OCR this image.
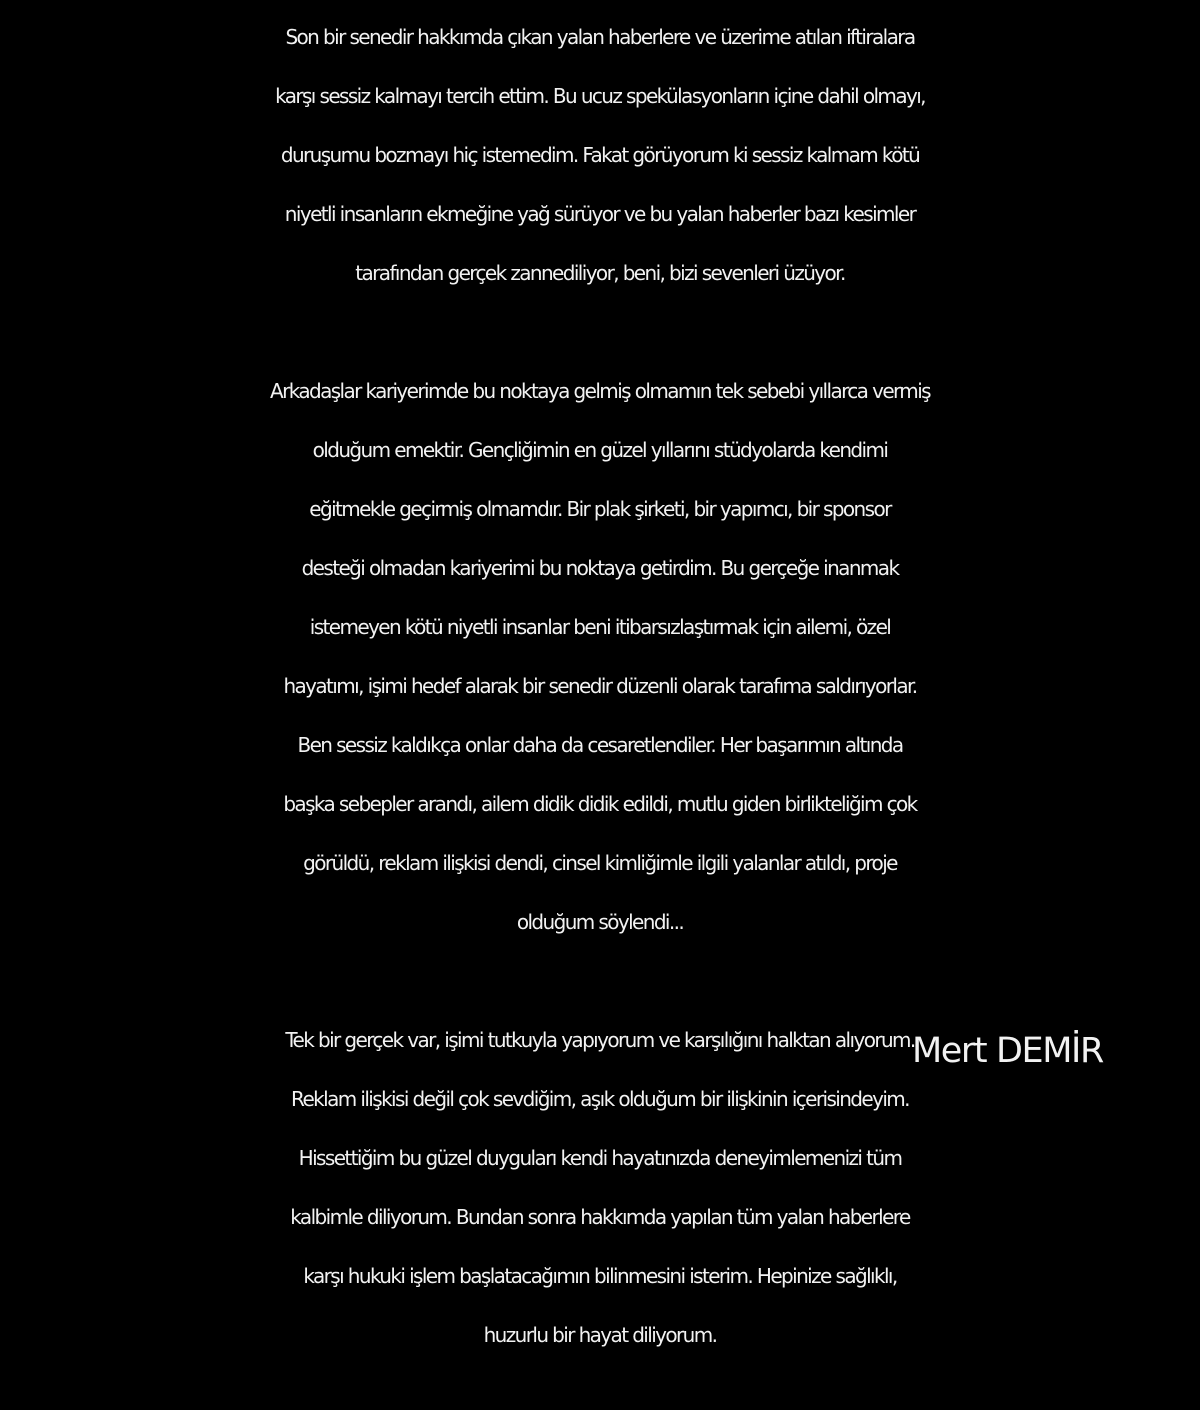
Son bir senedir hakkımda çıkan yalan haberlere ve üzerime atılan iftiralara
karşı sessiz kalmayı tercih ettim. Bu ucuz spekülasyonların içine dahil olmayı,
duruşumu bozmayı hiç istemedim. Fakat görüyorum ki sessiz kalmam kötü
niyetli insanların ekmeğine yağ sürüyor ve bu yalan haberler bazı kesimler
tarafından gerçek zannediliyor, beni, bizi sevenleri üzüyor.
Arkadaşlar kariyerimde bu noktaya gelmiş olmamın tek sebebi yıllarca vermiş
olduğum emektir. Gençliğimin en güzel yıllarını stüdyolarda kendimi
eğitmekle geçirmiş olmamdır. Bir plak şirketi, bir yapımcı, bir sponsor
desteği olmadan kariyerimi bu noktaya getirdim. Bu gerçeğe inanmak
istemeyen kötü niyetli insanlar beni itibarsızlaştırmak için ailemi, özel
hayatımı, işimi hedef alarak bir senedir düzenli olarak tarafıma saldırıyorlar.
Ben sessiz kaldıkça onlar daha da cesaretlendiler. Her başarımın altında
başka sebepler arandı, ailem didik didik edildi, mutlu giden birlikteliğim çok
görüldü, reklam ilişkisi dendi, cinsel kimliğimle ilgili yalanlar atıldı, proje
olduğum söylendi...
Tek bir gerçek var, işimi tutkuyla yapıyorum ve karşılığını halktan alıyorum.
Reklam ilişkisi değil çok sevdiğim, aşık olduğum bir ilişkinin içerisindeyim.
Hissettiğim bu güzel duyguları kendi hayatınızda deneyimlemenizi tüm
kalbimle diliyorum. Bundan sonra hakkımda yapılan tüm yalan haberlere
karşı hukuki işlem başlatacağımın bilinmesini isterim. Hepinize sağlıklı,
huzurlu bir hayat diliyorum.
Mert DEMİR
